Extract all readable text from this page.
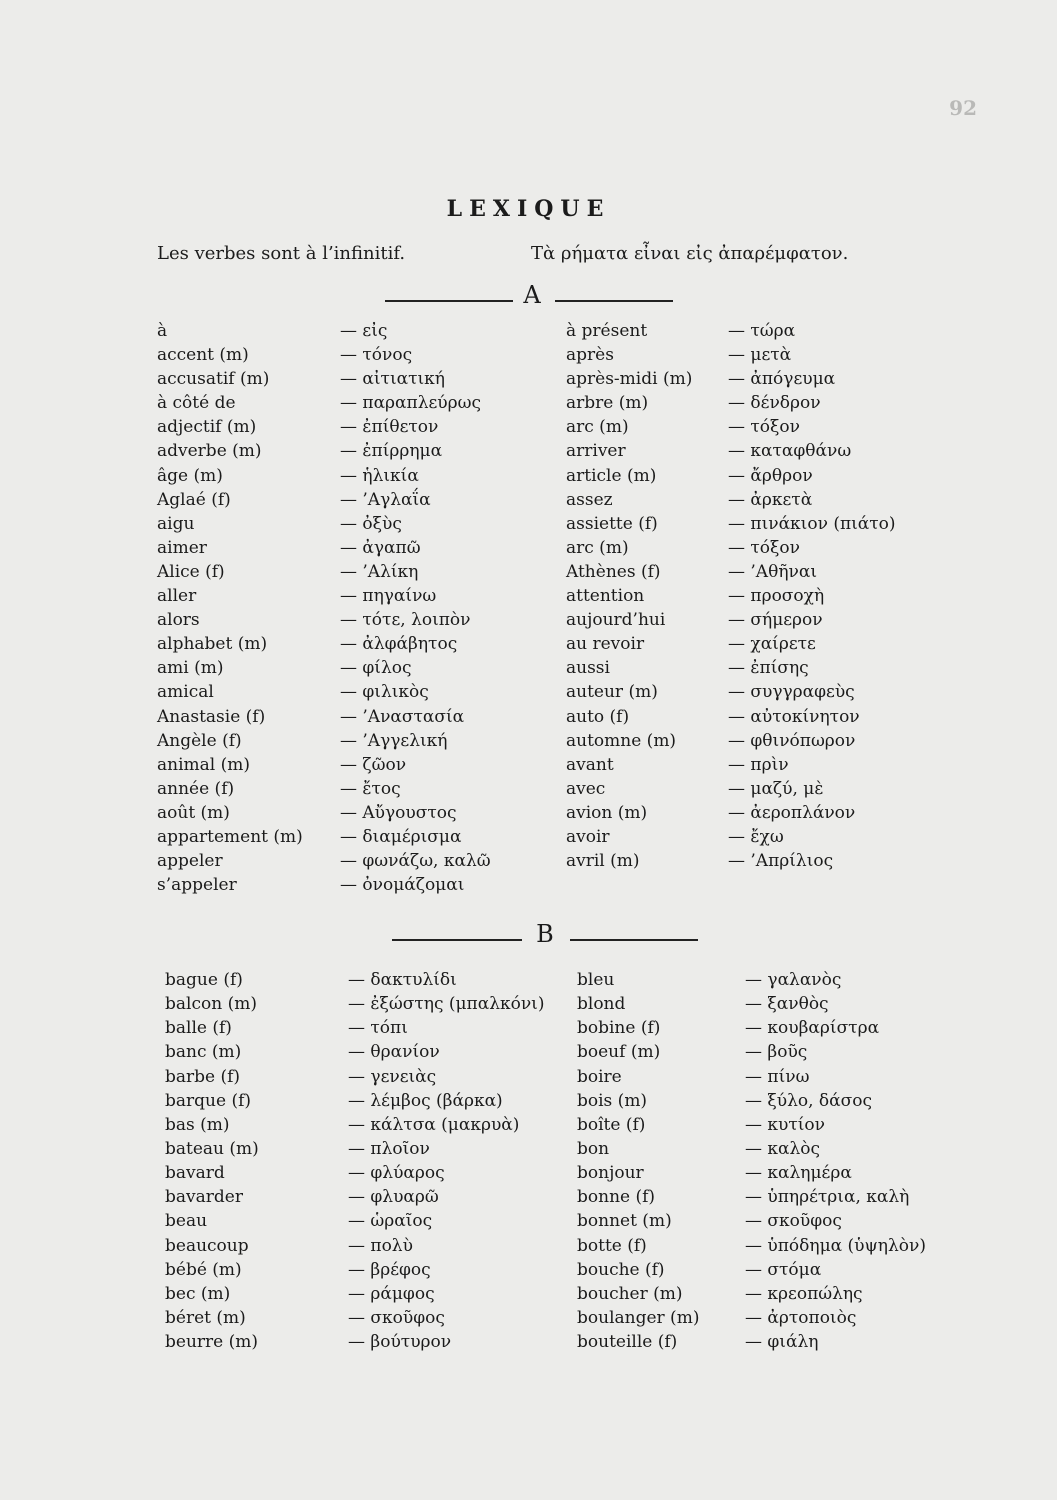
92
LEXIQUE
Les verbes sont à l’infinitif.	Τὰ ρήματα εἶναι εἰς ἀπαρέμφατον.
A
à	— εἰς
accent (m)	— τόνος
accusatif (m)	— αἰτιατική
à côté de	— παραπλεύρως
adjectif (m)	— ἐπίθετον
adverbe (m)	— ἐπίρρημα
âge (m)	— ἡλικία
Aglaé (f)	— ’Αγλαΐα
aigu	— ὀξὺς
aimer	— ἀγαπῶ
Alice (f)	— ’Αλίκη
aller	— πηγαίνω
alors	— τότε, λοιπὸν
alphabet (m)	— ἀλφάβητος
ami (m)	— φίλος
amical	— φιλικὸς
Anastasie (f)	— ’Αναστασία
Angèle (f)	— ’Αγγελική
animal (m)	— ζῶον
année (f)	— ἔτος
août (m)	— Αὔγουστος
appartement (m) — διαμέρισμα
appeler	— φωνάζω, καλῶ
s’appeler	— ὀνομάζομαι
à présent	— τώρα
après	— μετὰ
après-midi (m) — ἀπόγευμα
arbre (m)	— δένδρον
arc (m)	— τόξον
arriver	— καταφθάνω
article (m)	— ἄρθρον
assez	— ἀρκετὰ
assiette (f)	— πινάκιον (πιάτο)
arc (m)	— τόξον
Athènes (f)	— ’Αθῆναι
attention	— προσοχὴ
aujourd’hui	— σήμερον
au revoir	— χαίρετε
aussi	— ἐπίσης
auteur (m)	— συγγραφεὺς
auto (f)	— αὐτοκίνητον
automne (m)	— φθινόπωρον
avant	— πρὶν
avec	— μαζύ, μὲ
avion (m)	— ἀεροπλάνον
avoir	— ἔχω
avril (m)	— ’Απρίλιος
B
bague (f)	— δακτυλίδι
balcon (m)	— ἐξώστης (μπαλκόνι)
balle (f)	— τόπι
banc (m)	— θρανίον
barbe (f)	— γενειὰς
barque (f)	— λέμβος (βάρκα)
bas (m)	— κάλτσα (μακρυὰ)
bateau (m)	— πλοῖον
bavard	— φλύαρος
bavarder	— φλυαρῶ
beau	— ὡραῖος
beaucoup	— πολὺ
bébé (m)	— βρέφος
bec (m)	— ράμφος
béret (m)	— σκοῦφος
beurre (m)	— βούτυρον
bleu	— γαλανὸς
blond	— ξανθὸς
bobine (f)	— κουβαρίστρα
boeuf (m)	— βοῦς
boire	— πίνω
bois (m)	— ξύλο, δάσος
boîte (f)	— κυτίον
bon	— καλὸς
bonjour	— καλημέρα
bonne (f)	— ὑπηρέτρια, καλὴ
bonnet (m)	— σκοῦφος
botte (f)	— ὑπόδημα (ὑψηλὸν)
bouche (f)	— στόμα
boucher (m)	— κρεοπώλης
boulanger (m)	— ἀρτοποιὸς
bouteille (f)	— φιάλη
